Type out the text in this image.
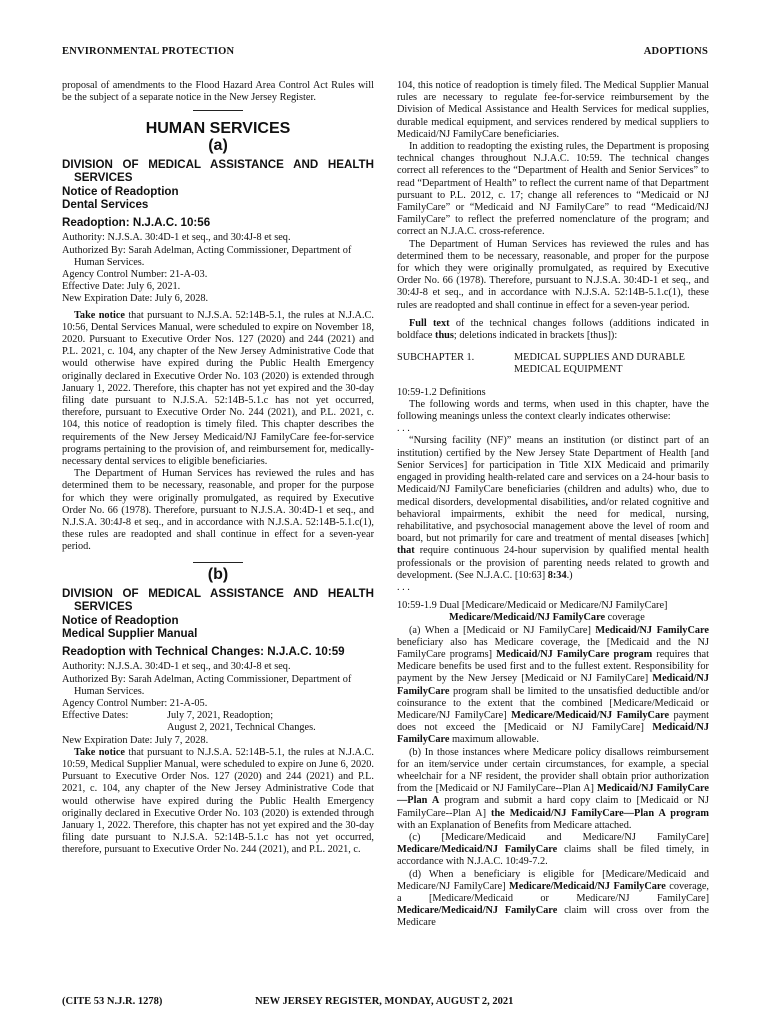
ENVIRONMENTAL PROTECTION	ADOPTIONS

proposal of amendments to the Flood Hazard Area Control Act Rules will be the subject of a separate notice in the New Jersey Register.

HUMAN SERVICES
(a)

DIVISION OF MEDICAL ASSISTANCE AND HEALTH SERVICES

Notice of Readoption

Dental Services

Readoption: N.J.A.C. 10:56

Authority: N.J.S.A. 30:4D-1 et seq., and 30:4J-8 et seq.

Authorized By: Sarah Adelman, Acting Commissioner, Department of Human Services.

Agency Control Number: 21-A-03.

Effective Date: July 6, 2021.

New Expiration Date: July 6, 2028.

Take notice that pursuant to N.J.S.A. 52:14B-5.1, the rules at N.J.A.C. 10:56, Dental Services Manual, were scheduled to expire on November 18, 2020. Pursuant to Executive Order Nos. 127 (2020) and 244 (2021) and P.L. 2021, c. 104, any chapter of the New Jersey Administrative Code that would otherwise have expired during the Public Health Emergency originally declared in Executive Order No. 103 (2020) is extended through January 1, 2022. Therefore, this chapter has not yet expired and the 30-day filing date pursuant to N.J.S.A. 52:14B-5.1.c has not yet occurred, therefore, pursuant to Executive Order No. 244 (2021), and P.L. 2021, c. 104, this notice of readoption is timely filed. This chapter describes the requirements of the New Jersey Medicaid/NJ FamilyCare fee-for-service programs pertaining to the provision of, and reimbursement for, medically-necessary dental services to eligible beneficiaries.

The Department of Human Services has reviewed the rules and has determined them to be necessary, reasonable, and proper for the purpose for which they were originally promulgated, as required by Executive Order No. 66 (1978). Therefore, pursuant to N.J.S.A. 30:4D-1 et seq., and N.J.S.A. 30:4J-8 et seq., and in accordance with N.J.S.A. 52:14B-5.1.c(1), these rules are readopted and shall continue in effect for a seven-year period.

(b)

DIVISION OF MEDICAL ASSISTANCE AND HEALTH SERVICES

Notice of Readoption

Medical Supplier Manual

Readoption with Technical Changes: N.J.A.C. 10:59

Authority: N.J.S.A. 30:4D-1 et seq., and 30:4J-8 et seq.

Authorized By: Sarah Adelman, Acting Commissioner, Department of Human Services.

Agency Control Number: 21-A-05.

Effective Dates:	July 7, 2021, Readoption;
August 2, 2021, Technical Changes.
New Expiration Date:
July 7, 2028.

Take notice that pursuant to N.J.S.A. 52:14B-5.1, the rules at N.J.A.C. 10:59, Medical Supplier Manual, were scheduled to expire on June 6, 2020. Pursuant to Executive Order Nos. 127 (2020) and 244 (2021) and P.L. 2021, c. 104, any chapter of the New Jersey Administrative Code that would otherwise have expired during the Public Health Emergency originally declared in Executive Order No. 103 (2020) is extended through January 1, 2022. Therefore, this chapter has not yet expired and the 30-day filing date pursuant to N.J.S.A. 52:14B-5.1.c has not yet occurred, therefore, pursuant to Executive Order No. 244 (2021), and P.L. 2021, c.

104, this notice of readoption is timely filed. The Medical Supplier Manual rules are necessary to regulate fee-for-service reimbursement by the Division of Medical Assistance and Health Services for medical supplies, durable medical equipment, and services rendered by medical suppliers to Medicaid/NJ FamilyCare beneficiaries.

In addition to readopting the existing rules, the Department is proposing technical changes throughout N.J.A.C. 10:59. The technical changes correct all references to the “Department of Health and Senior Services” to read “Department of Health” to reflect the current name of that Department pursuant to P.L. 2012, c. 17; change all references to “Medicaid or NJ FamilyCare” or “Medicaid and NJ FamilyCare” to read “Medicaid/NJ FamilyCare” to reflect the preferred nomenclature of the program; and correct an N.J.A.C. cross-reference.

The Department of Human Services has reviewed the rules and has determined them to be necessary, reasonable, and proper for the purpose for which they were originally promulgated, as required by Executive Order No. 66 (1978). Therefore, pursuant to N.J.S.A. 30:4D-1 et seq., and 30:4J-8 et seq., and in accordance with N.J.S.A. 52:14B-5.1.c(1), these rules are readopted and shall continue in effect for a seven-year period.

Full text of the technical changes follows (additions indicated in boldface thus; deletions indicated in brackets [thus]):

SUBCHAPTER 1.	MEDICAL SUPPLIES AND DURABLE MEDICAL EQUIPMENT

10:59-1.2 Definitions

The following words and terms, when used in this chapter, have the following meanings unless the context clearly indicates otherwise:

. . .

“Nursing facility (NF)” means an institution (or distinct part of an institution) certified by the New Jersey State Department of Health [and Senior Services] for participation in Title XIX Medicaid and primarily engaged in providing health-related care and services on a 24-hour basis to Medicaid/NJ FamilyCare beneficiaries (children and adults) who, due to medical disorders, developmental disabilities, and/or related cognitive and behavioral impairments, exhibit the need for medical, nursing, rehabilitative, and psychosocial management above the level of room and board, but not primarily for care and treatment of mental diseases [which] that require continuous 24-hour supervision by qualified mental health professionals or the provision of parenting needs related to growth and development. (See N.J.A.C. [10:63] 8:34.)

. . .

10:59-1.9 Dual [Medicare/Medicaid or Medicare/NJ FamilyCare]

Medicare/Medicaid/NJ FamilyCare coverage

(a) When a [Medicaid or NJ FamilyCare] Medicaid/NJ FamilyCare beneficiary also has Medicare coverage, the [Medicaid and the NJ FamilyCare programs] Medicaid/NJ FamilyCare program requires that Medicare benefits be used first and to the fullest extent. Responsibility for payment by the New Jersey [Medicaid or NJ FamilyCare] Medicaid/NJ FamilyCare program shall be limited to the unsatisfied deductible and/or coinsurance to the extent that the combined [Medicare/Medicaid or Medicare/NJ FamilyCare] Medicare/Medicaid/NJ FamilyCare payment does not exceed the [Medicaid or NJ FamilyCare] Medicaid/NJ FamilyCare maximum allowable.

(b) In those instances where Medicare policy disallows reimbursement for an item/service under certain circumstances, for example, a special wheelchair for a NF resident, the provider shall obtain prior authorization from the [Medicaid or NJ FamilyCare--Plan A] Medicaid/NJ FamilyCare—Plan A program and submit a hard copy claim to [Medicaid or NJ FamilyCare--Plan A] the Medicaid/NJ FamilyCare—Plan A program with an Explanation of Benefits from Medicare attached.

(c) [Medicare/Medicaid and Medicare/NJ FamilyCare] Medicare/Medicaid/NJ FamilyCare claims shall be filed timely, in accordance with N.J.A.C. 10:49-7.2.

(d) When a beneficiary is eligible for [Medicare/Medicaid and Medicare/NJ FamilyCare] Medicare/Medicaid/NJ FamilyCare coverage, a [Medicare/Medicaid or Medicare/NJ FamilyCare] Medicare/Medicaid/NJ FamilyCare claim will cross over from the Medicare

(CITE 53 N.J.R. 1278)	NEW JERSEY REGISTER, MONDAY, AUGUST 2, 2021
